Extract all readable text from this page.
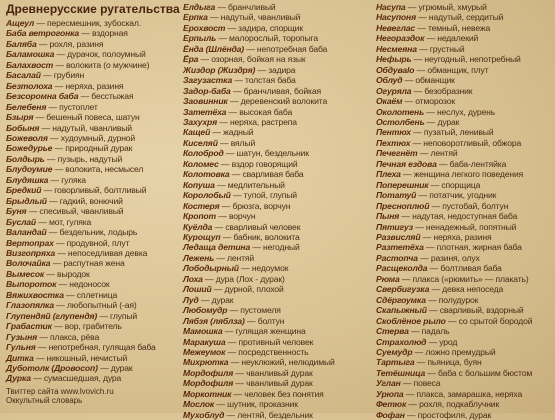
Древнерусские ругательства
Ащеул — пересмешник, зубоскал.
Баба ветрогонка — вздорная
Баляба — рохля, разиня
Баламошка — дурачок, полоумный
Балахвост — волокита (о мужчине)
Басалай — грубиян
Безтолоха — неряха, разиня
Безсоромна баба — бесстыжая
Белебеня — пустоплет
Бзыря — бешеный повеса, шатун
Бобыня — надутый, чванливый
Божеволя — худоумный, дурной
Божедурье — природный дурак
Болдырь — пузырь, надутый
Блудоумие — волокита, несмысел
Блудяшка — гуляка
Бредкий — говорливый, болтливый
Брыдлый — гадкий, вонючий
Буня — спесивый, чванливый
Буслай — мот, гуляка
Валандай — бездельник, лодырь
Вертопрах — продувной, плут
Визгопряха — непоседливая девка
Волочайка — распутная жена
Вымесок — выродок
Выпороток — недоносок
Вяжихвостка — сплетница
Глазопялка — любопытный (-ая)
Глупендяй (глупендя) — глупый
Грабастик — вор, грабитель
Гузыня — плакса, рёва
Гульня — непотребная, гулящая баба
Дитка — никошный, нечистый
Дуботолк (Дровосоп) — дурак
Дурка — сумасшедшая, дура
Твиттер сайта www.lvovich.ru
Оккультный словарь
Елдыга — бранчливый
Ерпка — надутый, чванливый
Ерохвост — задира, спорщик
Ерпыль — малорослый, торопыга
Ёнда (Шлёнда) — непотребная баба
Ёра — озорная, бойкая на язык
Жиздор (Жиздря) — задира
Загузастка — толстая баба
Задор-баба — бранчливая, бойкая
Заовинник — деревенский волокита
Затетёха — высокая баба
Захухря — неряха, растрепа
Кащей — жадный
Киселяй — вялый
Колоброд — шатун, бездельник
Коломес — вздор говорящий
Колотовка — сварливая баба
Копуша — медлительный
Королобый — тупой, глупый
Костеря — брюзга, ворчун
Кропот — ворчун
Куёлда — сварливый человек
Курощуп — бабник, волокита
Ледаща детина — негодный
Лежень — лентяй
Лободырный — недоумок
Лоха — дура (Лох - дурак)
Лоший — дурной, плохой
Луд — дурак
Любомудр — пустомеля
Лябзя (ляблза) — болтун
Мамошка — гулящая женщина
Маракуша — противный человек
Межеумок — посредственность
Михрютка — неуклюжий, нелюдимый
Мордофиля — чванливый дурак
Мордофиля — чванливый дурак
Моркотник — человек без понятия
Мослок — шутник, проказник
Мухоблуд — лентяй, бездельник
Насупа — угрюмый, хмурый
Насупоня — надутый, сердитый
Невеглас — темный, невежа
Негораздок — недалекий
Несмеяна — грустный
Нефырь — неугодный, непотребный
Обдуваlо — обманщик, плут
Облуд — обманщик
Огуряла — безобразник
Окаём — отморозок
Околотень — неслух, дурень
Остолбень — дурак
Пентюх — пузатый, ленивый
Пехтюх — неповоротливый, обжора
Печегнёт — лентяй
Печная ездова — баба-лентяйка
Плеха — женщина легкого поведения
Поперешник — спорщица
Потатуй — потатчик, угодник
Пресноплюй — пустобай, болтун
Пыня — надутая, недоступная баба
Пятигуз — ненадежный, попятный
Развисляй — неряха, разиня
Разтетёха — плотная, жирная баба
Растопча — разиня, олух
Расщеколда — болтливая баба
Рюма — плакса («рюмить» — плакать)
Свербигузка — девка непоседа
Сдёргоумка — полудурок
Скапыжный — сварливый, вздорный
Скоблёное рыло — со срытой бородой
Стерва — падаль
Страхолюд — урод
Суемудр — ложно премудрый
Тартыга — пьяница, буян
Тетёшница — баба с большим бюстом
Углан — повеса
Урюпа — плакса, замарашка, неряха
Фетюк — рохля, подкаблучник
Фофан — простофиля, дурак
